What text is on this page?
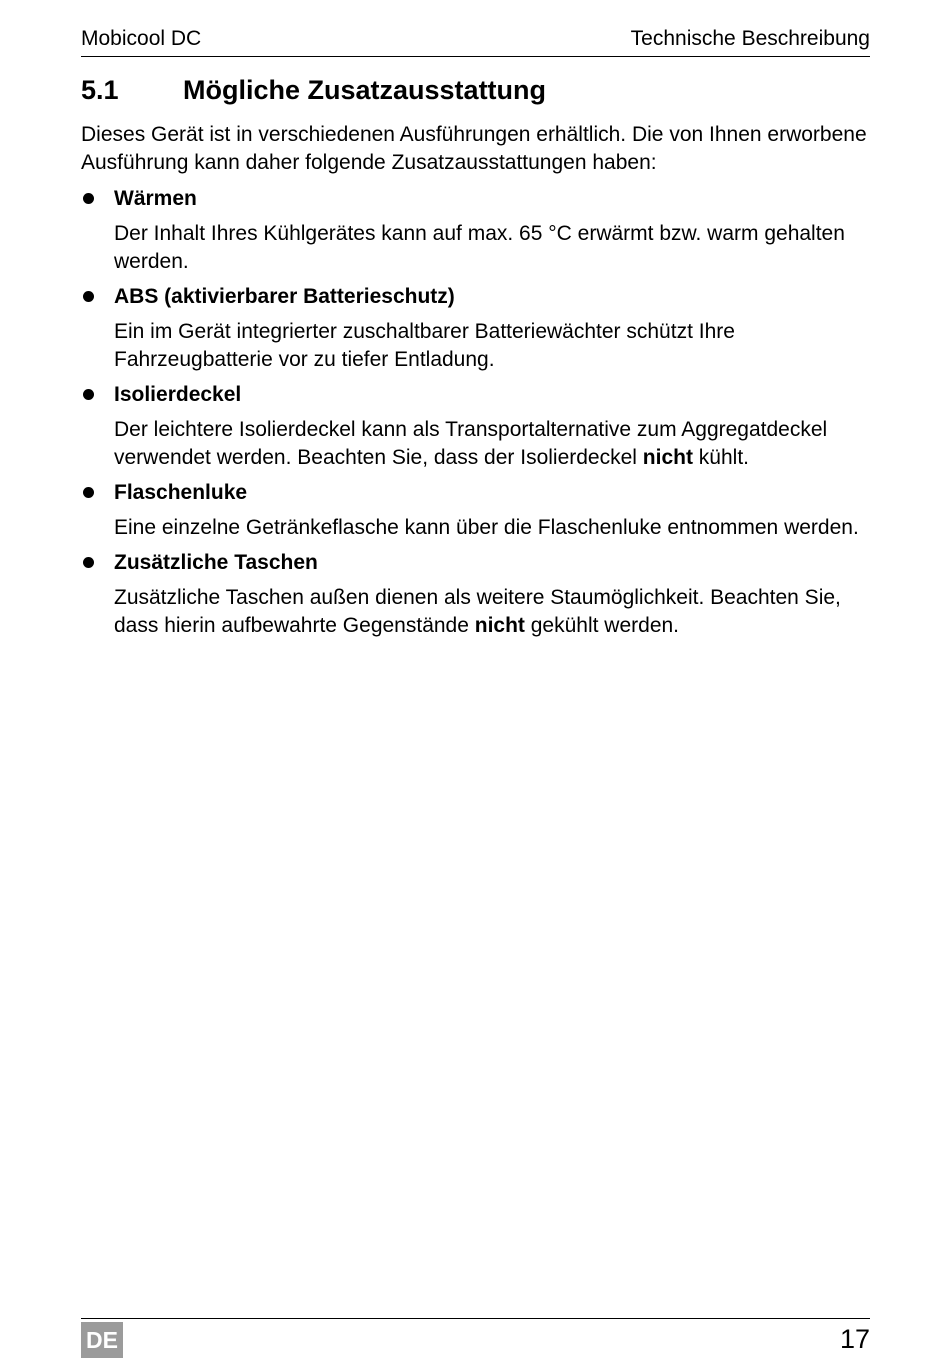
Mobicool DC	Technische Beschreibung
5.1 Mögliche Zusatzausstattung

Dieses Gerät ist in verschiedenen Ausführungen erhältlich. Die von Ihnen erworbene Ausführung kann daher folgende Zusatzausstattungen haben:

Wärmen
Der Inhalt Ihres Kühlgerätes kann auf max. 65 °C erwärmt bzw. warm gehalten werden.
ABS (aktivierbarer Batterieschutz)
Ein im Gerät integrierter zuschaltbarer Batteriewächter schützt Ihre Fahrzeugbatterie vor zu tiefer Entladung.
Isolierdeckel
Der leichtere Isolierdeckel kann als Transportalternative zum Aggregatdeckel verwendet werden. Beachten Sie, dass der Isolierdeckel nicht kühlt.
Flaschenluke
Eine einzelne Getränkeflasche kann über die Flaschenluke entnommen werden.
Zusätzliche Taschen
Zusätzliche Taschen außen dienen als weitere Staumöglichkeit. Beachten Sie, dass hierin aufbewahrte Gegenstände nicht gekühlt werden.
DE	17
